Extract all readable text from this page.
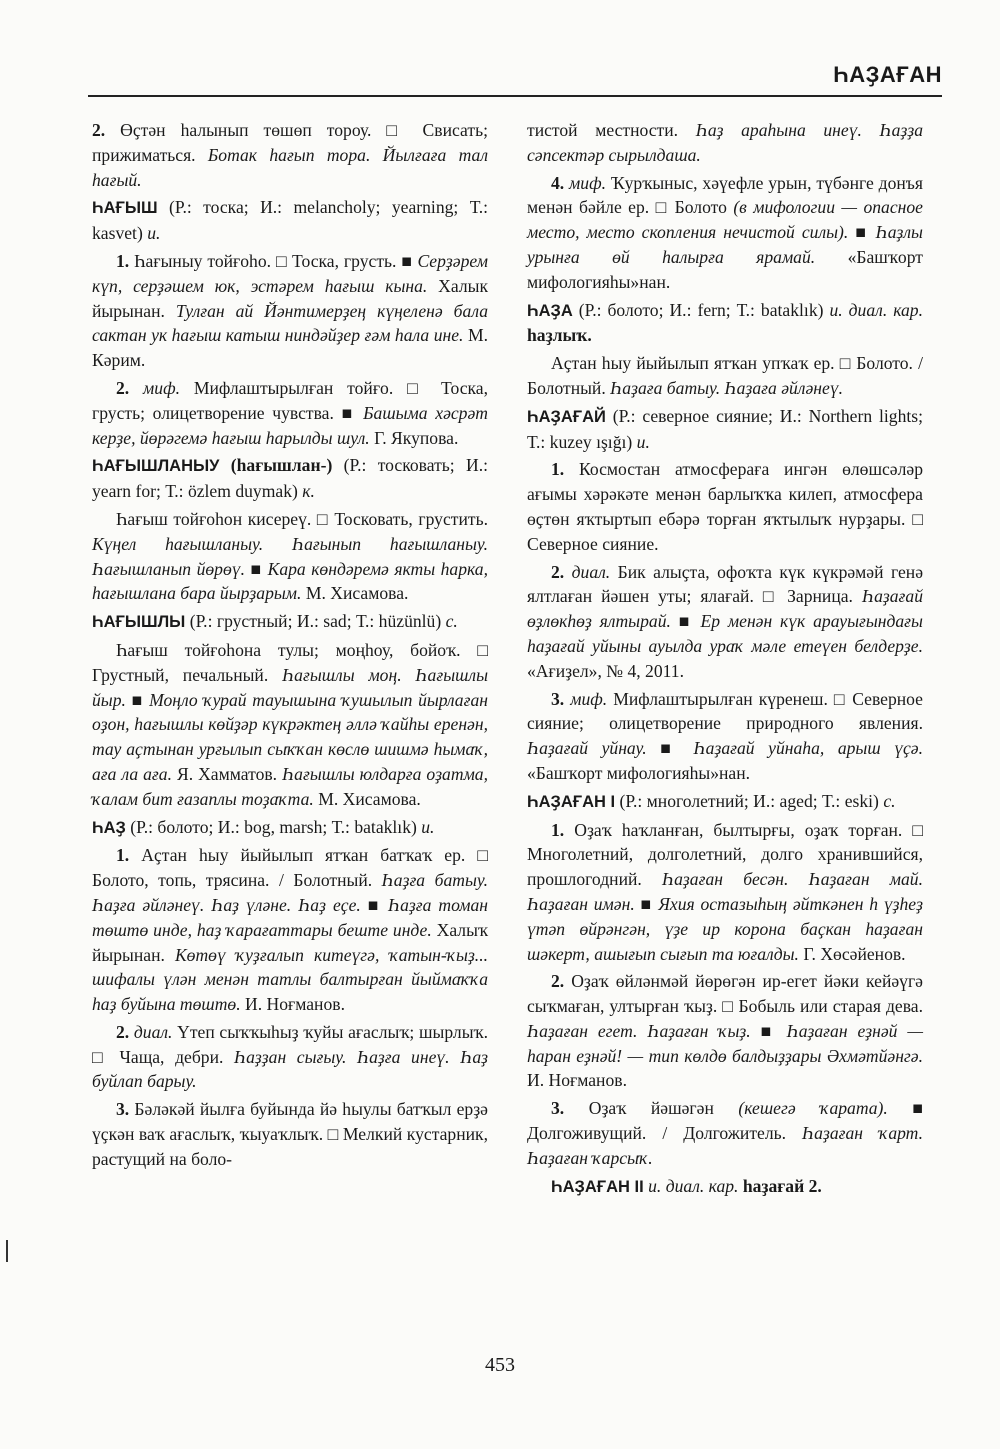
ҺАҘАҒАН

2. Өҫтән һалынып төшөп тороу. □ Свисать; прижиматься. Ботак һағып тора. Йылғаға тал һағый.

ҺАҒЫШ (Р.: тоска; И.: melancholy; yearning; Т.: kasvet) и.

1. Һағыныу тойғоһо. □ Тоска, грусть. ■ Серҙәрем күп, серҙәшем юк, эстәрем һағыш кына. Халык йырынан. Тулған ай Йәнтимерҙең күңеленә бала сактан ук һағыш катыш ниндәйҙер ғәм һала ине. М. Кәрим.

2. миф. Мифлаштырылған тойғо. □ Тоска, грусть; олицетворение чувства. ■ Башыма хәсрәт керҙе, йөрәгемә һағыш һарылды шул. Г. Якупова.

ҺАҒЫШЛАНЫУ (һағышлан-) (Р.: тосковать; И.: yearn for; Т.: özlem duymak) к.

Һағыш тойғоһон кисереү. □ Тосковать, грустить. Күңел һағышланыу. Һағынып һағышланыу. Һағышланып йөрөү. ■ Кара көндәремә якты һарка, һағышлана бара йырҙарым. М. Хисамова.

ҺАҒЫШЛЫ (Р.: грустный; И.: sad; Т.: hüzünlü) с.

Һағыш тойғоһона тулы; моңһоу, бойоҡ. □ Грустный, печальный. Һағышлы моң. Һағышлы йыр. ■ Моңло ҡурай тауышына ҡушылып йырлаған оҙон, һағышлы көйҙәр күкрәктең әллә ҡайһы еренән, тау аҫтынан урғылып сыҡҡан көслө шишмә һымаҡ, аға ла аға. Я. Хамматов. Һағышлы юлдарға оҙатма, ҡалам бит ғазаплы тоҙаҡта. М. Хисамова.

ҺАҘ (Р.: болото; И.: bog, marsh; Т.: bataklık) и.

1. Аҫтан һыу йыйылып ятҡан батҡаҡ ер. □ Болото, топь, трясина. / Болотный. Һаҙға батыу. Һаҙға әйләнеү. Һаҙ үләне. Һаҙ еҫе. ■ Һаҙға томан төштө инде, һаҙ ҡарағаттары беште инде. Халыҡ йырынан. Көтөү ҡуҙғалып китеүгә, ҡатын-ҡыҙ... шифалы үлән менән татлы балтырған йыймаҡҡа һаҙ буйына төштө. И. Ноғманов.

2. диал. Үтеп сыҡҡыһыҙ ҡуйы ағаслыҡ; шырлыҡ. □ Чаща, дебри. Һаҙҙан сығыу. Һаҙға инеү. Һаҙ буйлап барыу.

3. Бәләкәй йылға буйында йә һыулы батҡыл ерҙә үҫкән ваҡ ағаслыҡ, ҡыуаҡлыҡ. □ Мелкий кустарник, растущий на боло-

тистой местности. Һаҙ араһына инеү. Һаҙҙа сәпсектәр сырылдаша.

4. миф. Ҡурҡыныс, хәүефле урын, түбәнге донъя менән бәйле ер. □ Болото (в мифологии — опасное место, место скопления нечистой силы). ■ Һаҙлы урынға өй һалырға ярамай. «Башҡорт мифологияһы»нан.

ҺАҘА (Р.: болото; И.: fern; Т.: bataklık) и. диал. кар. һаҙлыҡ.

Аҫтан һыу йыйылып ятҡан упҡаҡ ер. □ Болото. / Болотный. Һаҙаға батыу. Һаҙаға әйләнеү.

ҺАҘАҒАЙ (Р.: северное сияние; И.: Northern lights; Т.: kuzey ışığı) и.

1. Космостан атмосфераға ингән өлөшсәләр ағымы хәрәкәте менән барлыҡҡа килеп, атмосфера өҫтөн яҡтыртып ебәрә торған яҡтылыҡ нурҙары. □ Северное сияние.

2. диал. Бик алыҫта, офоҡта күк күкрәмәй генә ялтлаған йәшен уты; ялағай. □ Зарница. Һаҙағай өҙлөкһөҙ ялтырай. ■ Ер менән күк арауығындағы һаҙағай уйыны ауылда ураҡ мәле етеүен белдерҙе. «Ағиҙел», № 4, 2011.

3. миф. Мифлаштырылған күренеш. □ Северное сияние; олицетворение природного явления. Һаҙағай уйнау. ■ Һаҙағай уйнаһа, арыш үҫә. «Башҡорт мифологияһы»нан.

ҺАҘАҒАН I (Р.: многолетний; И.: aged; Т.: eski) с.

1. Оҙаҡ һаҡланған, былтырғы, оҙаҡ торған. □ Многолетний, долголетний, долго хранившийся, прошлогодний. Һаҙаған бесән. Һаҙаған май. Һаҙаған имән. ■ Яхия остазыһың әйткәнен һ үҙһеҙ үтәп өйрәнгән, үҙе ир корона баҫкан һаҙаған шәкерт, ашығып сығып та юғалды. Г. Хөсәйенов.

2. Оҙаҡ өйләнмәй йөрөгән ир-егет йәки кейәүгә сыҡмаған, ултырған ҡыҙ. □ Бобыль или старая дева. Һаҙаған егет. Һаҙаған ҡыҙ. ■ Һаҙаған еҙнәй — һаран еҙнәй! — тип көлдө балдыҙҙары Әхмәтйәнгә. И. Ноғманов.

3. Оҙаҡ йәшәгән (кешегә ҡарата). ■ Долгоживущий. / Долгожитель. Һаҙаған ҡарт. Һаҙаған ҡарсыҡ.

ҺАҘАҒАН II и. диал. кар. һаҙағай 2.

453
